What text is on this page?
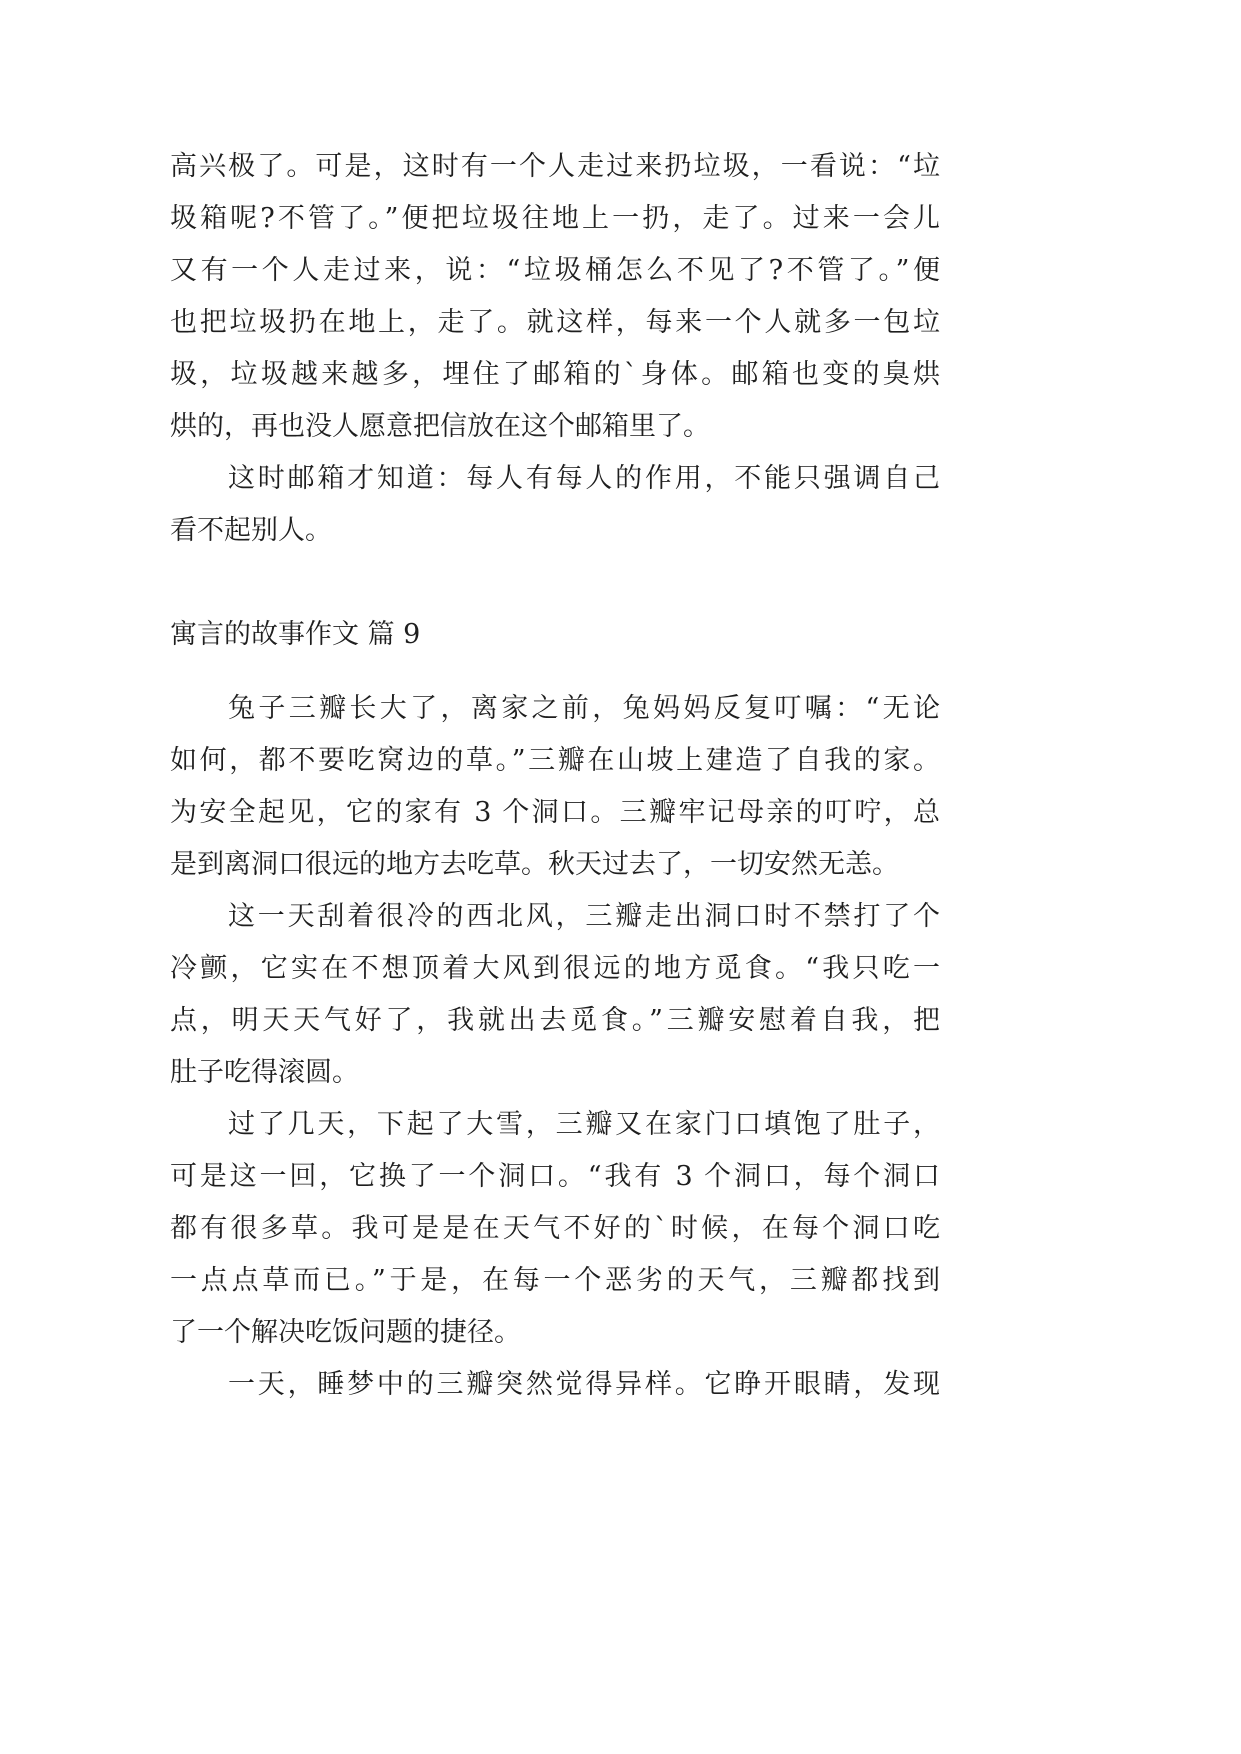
高兴极了。可是，这时有一个人走过来扔垃圾，一看说：“垃
圾箱呢?不管了。”便把垃圾往地上一扔，走了。过来一会儿
又有一个人走过来，说：“垃圾桶怎么不见了?不管了。”便
也把垃圾扔在地上，走了。就这样，每来一个人就多一包垃
圾，垃圾越来越多，埋住了邮箱的`身体。邮箱也变的臭烘
烘的，再也没人愿意把信放在这个邮箱里了。

这时邮箱才知道：每人有每人的作用，不能只强调自己
看不起别人。

寓言的故事作文 篇 9

兔子三瓣长大了，离家之前，兔妈妈反复叮嘱：“无论
如何，都不要吃窝边的草。”三瓣在山坡上建造了自我的家。
为安全起见，它的家有 3 个洞口。三瓣牢记母亲的叮咛，总
是到离洞口很远的地方去吃草。秋天过去了，一切安然无恙。

这一天刮着很冷的西北风，三瓣走出洞口时不禁打了个
冷颤，它实在不想顶着大风到很远的地方觅食。“我只吃一
点，明天天气好了，我就出去觅食。”三瓣安慰着自我，把
肚子吃得滚圆。

过了几天，下起了大雪，三瓣又在家门口填饱了肚子，
可是这一回，它换了一个洞口。“我有 3 个洞口，每个洞口
都有很多草。我可是是在天气不好的`时候，在每个洞口吃
一点点草而已。”于是，在每一个恶劣的天气，三瓣都找到
了一个解决吃饭问题的捷径。

一天，睡梦中的三瓣突然觉得异样。它睁开眼睛，发现
